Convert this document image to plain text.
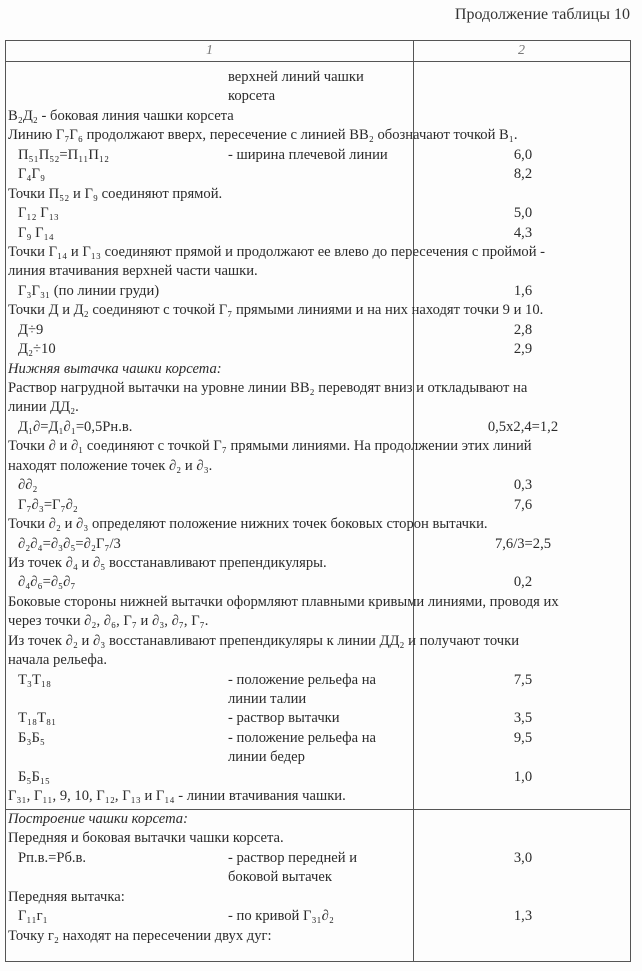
Продолжение таблицы 10
1	2
верхней линий чашки
корсета
В₂Д₂ - боковая линия чашки корсета
Линию Г₇Г₆ продолжают вверх, пересечение с линией ВВ₂ обозначают точкой В₁.
П₅₁П₅₂=П₁₁П₁₂	- ширина плечевой линии	6,0
Г₄Г₉	8,2
Точки П₅₂ и Г₉ соединяют прямой.
Г₁₂ Г₁₃	5,0
Г₉ Г₁₄	4,3
Точки Г₁₄ и Г₁₃ соединяют прямой и продолжают ее влево до пересечения с проймой -
линия втачивания верхней части чашки.
Г₃Г₃₁ (по линии груди)	1,6
Точки Д и Д₂ соединяют с точкой Г₇ прямыми линиями и на них находят точки 9 и 10.
Д÷9	2,8
Д₂÷10	2,9
Нижняя вытачка чашки корсета:
Раствор нагрудной вытачки на уровне линии ВВ₂ переводят вниз и откладывают на
линии ДД₂.
Д₁∂=Д₁∂₁=0,5Рн.в.	0,5x2,4=1,2
Точки ∂ и ∂₁ соединяют с точкой Г₇ прямыми линиями. На продолжении этих линий
находят положение точек ∂₂ и ∂₃.
∂∂₂	0,3
Г₇∂₃=Г₇∂₂	7,6
Точки ∂₂ и ∂₃ определяют положение нижних точек боковых сторон вытачки.
∂₂∂₄=∂₃∂₅=∂₂Г₇/3	7,6/3=2,5
Из точек ∂₄ и ∂₅ восстанавливают препендикуляры.
∂₄∂₆=∂₅∂₇	0,2
Боковые стороны нижней вытачки оформляют плавными кривыми линиями, проводя их
через точки ∂₂, ∂₆, Г₇ и ∂₃, ∂₇, Г₇.
Из точек ∂₂ и ∂₃ восстанавливают препендикуляры к линии ДД₂ и получают точки
начала рельефа.
Т₃Т₁₈	- положение рельефа на	7,5
линии талии
Т₁₈Т₈₁	- раствор вытачки	3,5
Б₃Б₅	- положение рельефа на	9,5
линии бедер
Б₅Б₁₅	1,0
Г₃₁, Г₁₁, 9, 10, Г₁₂, Г₁₃ и Г₁₄ - линии втачивания чашки.
Построение чашки корсета:
Передняя и боковая вытачки чашки корсета.
Рп.в.=Рб.в.	- раствор передней и	3,0
боковой вытачек
Передняя вытачка:
Г₁₁г₁	- по кривой Г₃₁∂₂	1,3
Точку г₂ находят на пересечении двух дуг:
